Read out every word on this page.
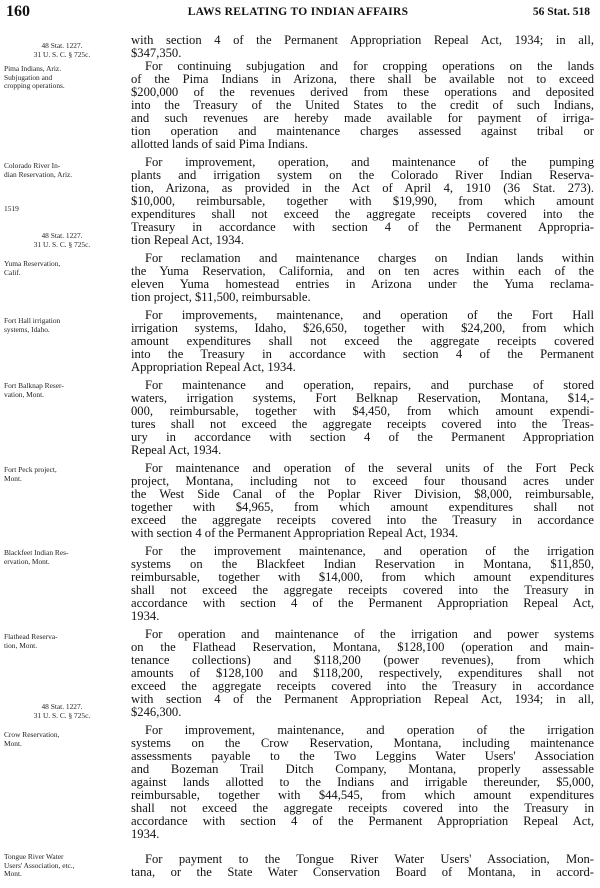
160	LAWS RELATING TO INDIAN AFFAIRS	56 Stat. 518
48 Stat. 1227.
31 U. S. C. § 725c.
Pima Indians, Ariz.
Subjugation and
cropping operations.
Colorado River In-
dian Reservation, Ariz.
1519
48 Stat. 1227.
31 U. S. C. § 725c.
Yuma Reservation,
Calif.
Fort Hall irrigation
systems, Idaho.
Fort Balknap Reser-
vation, Mont.
Fort Peck project,
Mont.
Blackfeet Indian Res-
ervation, Mont.
Flathead Reserva-
tion, Mont.
48 Stat. 1227.
31 U. S. C. § 725c.
Crow Reservation,
Mont.
Tongue River Water
Users' Association, etc.,
Mont.
with section 4 of the Permanent Appropriation Repeal Act, 1934; in all,
$347,350.
For continuing subjugation and for cropping operations on the lands
of the Pima Indians in Arizona, there shall be available not to exceed
$200,000 of the revenues derived from these operations and deposited
into the Treasury of the United States to the credit of such Indians,
and such revenues are hereby made available for payment of irriga-
tion operation and maintenance charges assessed against tribal or
allotted lands of said Pima Indians.
For improvement, operation, and maintenance of the pumping
plants and irrigation system on the Colorado River Indian Reserva-
tion, Arizona, as provided in the Act of April 4, 1910 (36 Stat. 273).
$10,000, reimbursable, together with $19,990, from which amount
expenditures shall not exceed the aggregate receipts covered into the
Treasury in accordance with section 4 of the Permanent Appropria-
tion Repeal Act, 1934.
For reclamation and maintenance charges on Indian lands within
the Yuma Reservation, California, and on ten acres within each of the
eleven Yuma homestead entries in Arizona under the Yuma reclama-
tion project, $11,500, reimbursable.
For improvements, maintenance, and operation of the Fort Hall
irrigation systems, Idaho, $26,650, together with $24,200, from which
amount expenditures shall not exceed the aggregate receipts covered
into the Treasury in accordance with section 4 of the Permanent
Appropriation Repeal Act, 1934.
For maintenance and operation, repairs, and purchase of stored
waters, irrigation systems, Fort Belknap Reservation, Montana, $14,-
000, reimbursable, together with $4,450, from which amount expendi-
tures shall not exceed the aggregate receipts covered into the Treas-
ury in accordance with section 4 of the Permanent Appropriation
Repeal Act, 1934.
For maintenance and operation of the several units of the Fort Peck
project, Montana, including not to exceed four thousand acres under
the West Side Canal of the Poplar River Division, $8,000, reimbursable,
together with $4,965, from which amount expenditures shall not
exceed the aggregate receipts covered into the Treasury in accordance
with section 4 of the Permanent Appropriation Repeal Act, 1934.
For the improvement maintenance, and operation of the irrigation
systems on the Blackfeet Indian Reservation in Montana, $11,850,
reimbursable, together with $14,000, from which amount expenditures
shall not exceed the aggregate receipts covered into the Treasury in
accordance with section 4 of the Permanent Appropriation Repeal Act,
1934.
For operation and maintenance of the irrigation and power systems
on the Flathead Reservation, Montana, $128,100 (operation and main-
tenance collections) and $118,200 (power revenues), from which
amounts of $128,100 and $118,200, respectively, expenditures shall not
exceed the aggregate receipts covered into the Treasury in accordance
with section 4 of the Permanent Appropriation Repeal Act, 1934; in all,
$246,300.
For improvement, maintenance, and operation of the irrigation
systems on the Crow Reservation, Montana, including maintenance
assessments payable to the Two Leggins Water Users' Association
and Bozeman Trail Ditch Company, Montana, properly assessable
against lands allotted to the Indians and irrigable thereunder, $5,000,
reimbursable, together with $44,545, from which amount expenditures
shall not exceed the aggregate receipts covered into the Treasury in
accordance with section 4 of the Permanent Appropriation Repeal Act,
1934.
For payment to the Tongue River Water Users' Association, Mon-
tana, or the State Water Conservation Board of Montana, in accord-
